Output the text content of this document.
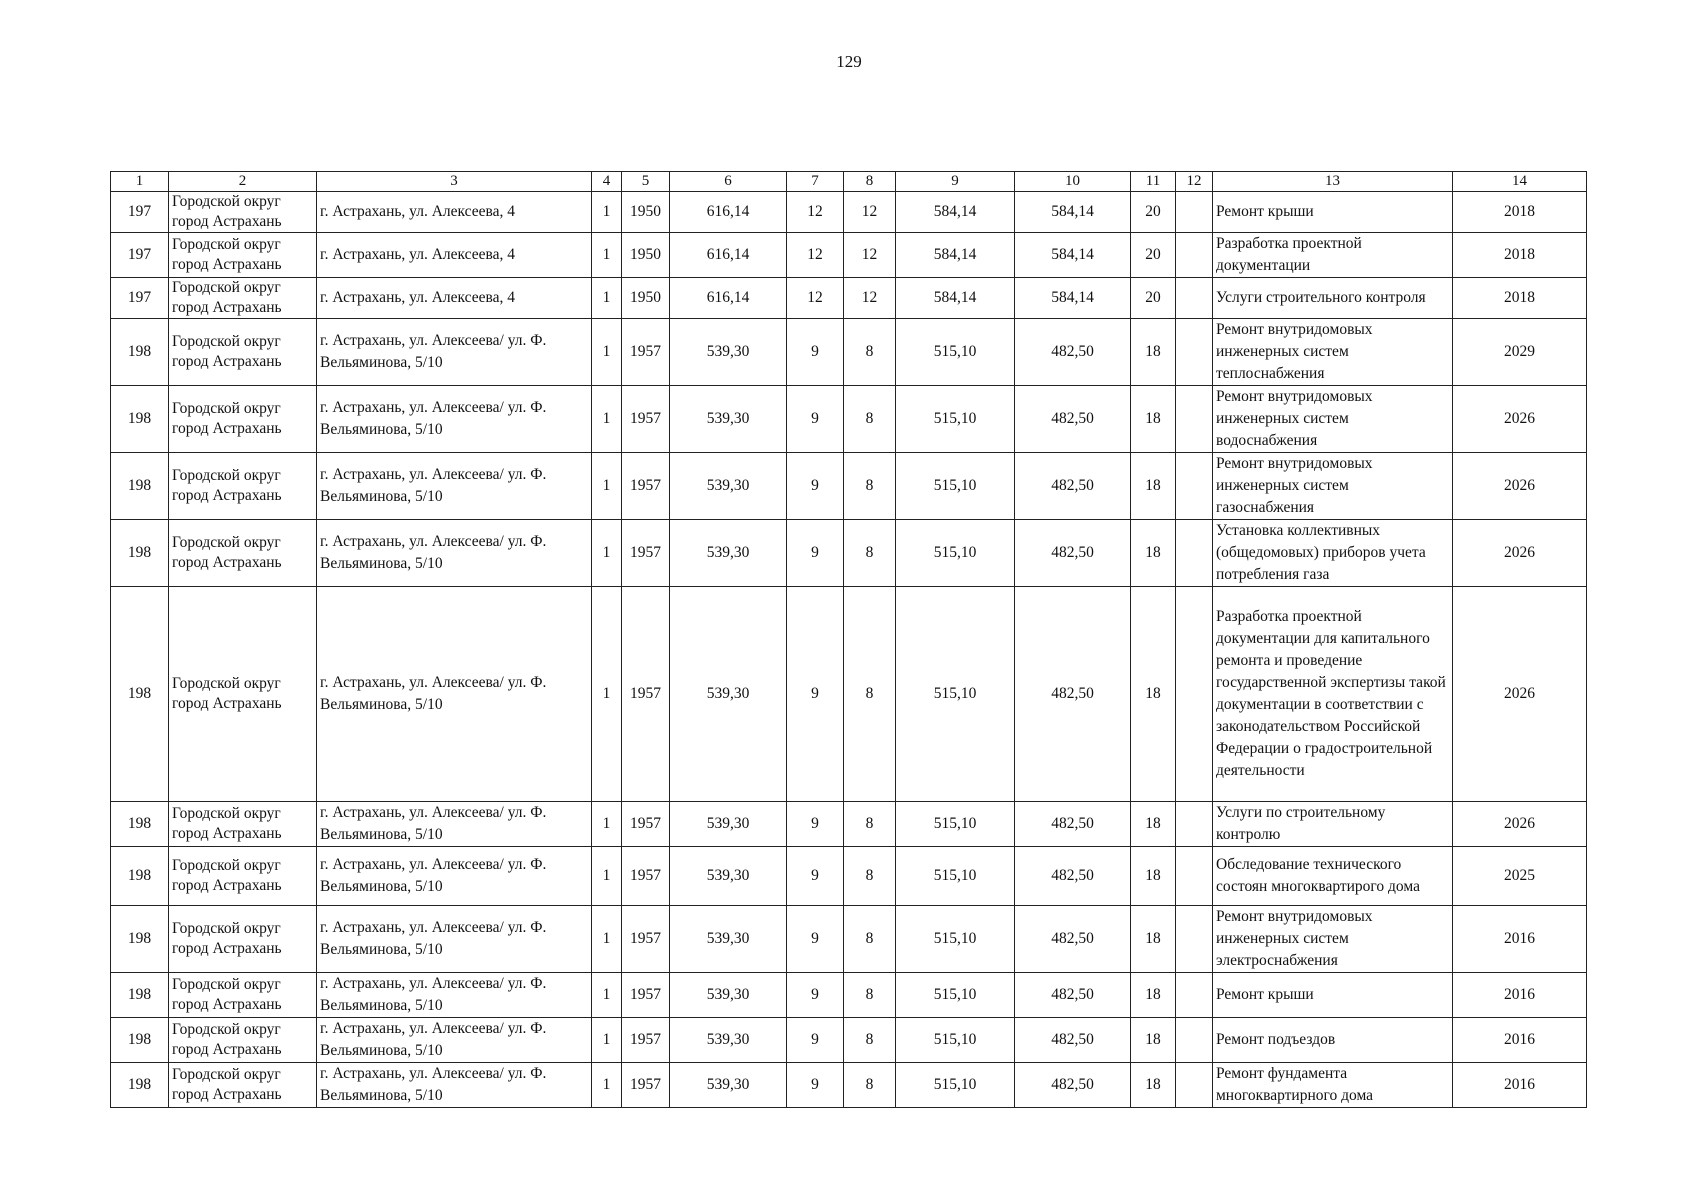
129
1	2	3	4	5	6	7	8	9	10	11	12	13	14
197	Городской округ город Астрахань	г. Астрахань, ул. Алексеева, 4	1	1950	616,14	12	12	584,14	584,14	20		Ремонт крыши	2018
197	Городской округ город Астрахань	г. Астрахань, ул. Алексеева, 4	1	1950	616,14	12	12	584,14	584,14	20		Разработка проектной документации	2018
197	Городской округ город Астрахань	г. Астрахань, ул. Алексеева, 4	1	1950	616,14	12	12	584,14	584,14	20		Услуги строительного контроля	2018
198	Городской округ город Астрахань	г. Астрахань, ул. Алексеева/ ул. Ф. Вельяминова, 5/10	1	1957	539,30	9	8	515,10	482,50	18		Ремонт внутридомовых инженерных систем теплоснабжения	2029
198	Городской округ город Астрахань	г. Астрахань, ул. Алексеева/ ул. Ф. Вельяминова, 5/10	1	1957	539,30	9	8	515,10	482,50	18		Ремонт внутридомовых инженерных систем водоснабжения	2026
198	Городской округ город Астрахань	г. Астрахань, ул. Алексеева/ ул. Ф. Вельяминова, 5/10	1	1957	539,30	9	8	515,10	482,50	18		Ремонт внутридомовых инженерных систем газоснабжения	2026
198	Городской округ город Астрахань	г. Астрахань, ул. Алексеева/ ул. Ф. Вельяминова, 5/10	1	1957	539,30	9	8	515,10	482,50	18		Установка коллективных (общедомовых) приборов учета потребления газа	2026
198	Городской округ город Астрахань	г. Астрахань, ул. Алексеева/ ул. Ф. Вельяминова, 5/10	1	1957	539,30	9	8	515,10	482,50	18		Разработка проектной документации для капитального ремонта и проведение государственной экспертизы такой документации в соответствии с законодательством Российской Федерации о градостроительной деятельности	2026
198	Городской округ город Астрахань	г. Астрахань, ул. Алексеева/ ул. Ф. Вельяминова, 5/10	1	1957	539,30	9	8	515,10	482,50	18		Услуги по строительному контролю	2026
198	Городской округ город Астрахань	г. Астрахань, ул. Алексеева/ ул. Ф. Вельяминова, 5/10	1	1957	539,30	9	8	515,10	482,50	18		Обследование технического состоян многоквартирого дома	2025
198	Городской округ город Астрахань	г. Астрахань, ул. Алексеева/ ул. Ф. Вельяминова, 5/10	1	1957	539,30	9	8	515,10	482,50	18		Ремонт внутридомовых инженерных систем электроснабжения	2016
198	Городской округ город Астрахань	г. Астрахань, ул. Алексеева/ ул. Ф. Вельяминова, 5/10	1	1957	539,30	9	8	515,10	482,50	18		Ремонт крыши	2016
198	Городской округ город Астрахань	г. Астрахань, ул. Алексеева/ ул. Ф. Вельяминова, 5/10	1	1957	539,30	9	8	515,10	482,50	18		Ремонт подъездов	2016
198	Городской округ город Астрахань	г. Астрахань, ул. Алексеева/ ул. Ф. Вельяминова, 5/10	1	1957	539,30	9	8	515,10	482,50	18		Ремонт фундамента многоквартирного дома	2016
